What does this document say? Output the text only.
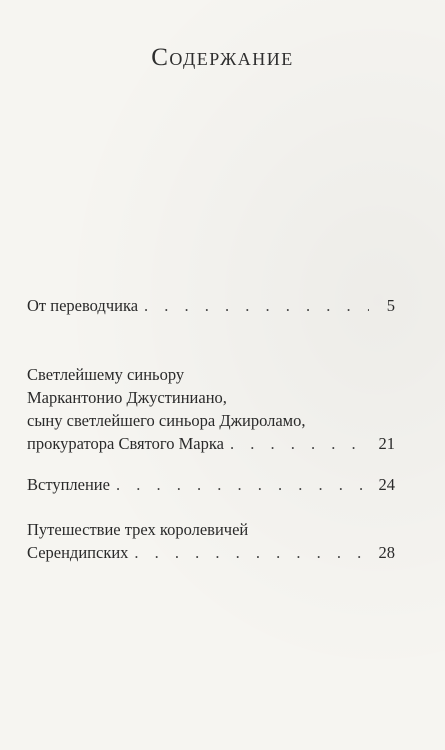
Содержание
От переводчика . . .	5
Светлейшему синьору
Маркантонио Джустиниано,
сыну светлейшего синьора Джироламо,
прокуратора Святого Марка . . .	21
Вступление . . .	24
Путешествие трех королевичей
Серендипских . . .	28
